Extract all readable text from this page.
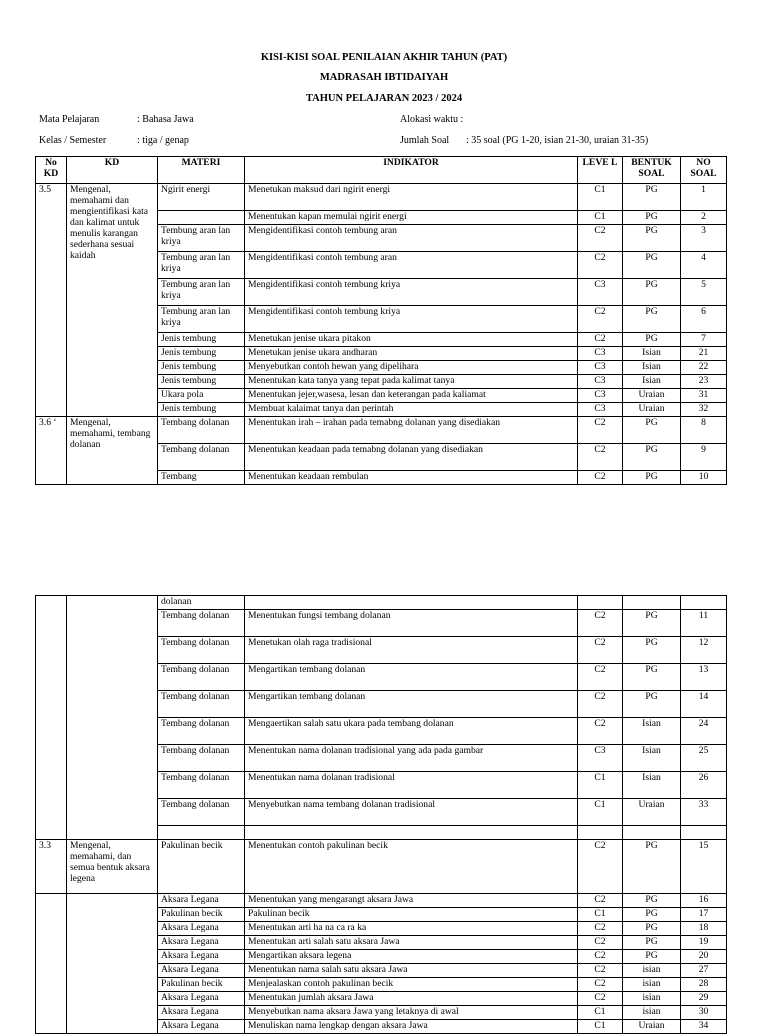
KISI-KISI SOAL PENILAIAN AKHIR TAHUN (PAT)
MADRASAH IBTIDAIYAH
TAHUN PELAJARAN 2023 / 2024
Mata Pelajaran	: Bahasa Jawa	Alokasi waktu :
Kelas / Semester	: tiga / genap	Jumlah Soal : 35 soal (PG 1-20, isian 21-30, uraian 31-35)
No KD	KD	MATERI	INDIKATOR	LEVE L	BENTUK SOAL	NO SOAL
3.5	Mengenal, memahami dan mengientifikasi kata dan kalimat untuk menulis karangan sederhana sesuai kaidah	Ngirit energi	Menetukan maksud dari ngirit energi	C1	PG	1
			Menentukan kapan memulai ngirit energi	C1	PG	2
		Tembung aran lan kriya	Mengidentifikasi contoh tembung aran	C2	PG	3
		Tembung aran lan kriya	Mengidentifikasi contoh tembung aran	C2	PG	4
		Tembung aran lan kriya	Mengidentifikasi contoh tembung kriya	C3	PG	5
		Tembung aran lan kriya	Mengidentifikasi contoh tembung kriya	C2	PG	6
		Jenis tembung	Menetukan jenise ukara pitakon	C2	PG	7
		Jenis tembung	Menetukan jenise ukara andharan	C3	Isian	21
		Jenis tembung	Menyebutkan contoh hewan yang dipelihara	C3	Isian	22
		Jenis tembung	Menentukan kata tanya yang tepat pada kalimat tanya	C3	Isian	23
		Ukara pola	Menentukan jejer,wasesa, lesan dan keterangan pada kaliamat	C3	Uraian	31
		Jenis tembung	Membuat kalaimat tanya dan perintah	C3	Uraian	32
3.6 ‘	Mengenal, memahami, tembang dolanan	Tembang dolanan	Menentukan irah – irahan pada temabng dolanan yang disediakan	C2	PG	8
		Tembang dolanan	Menentukan keadaan pada temabng dolanan yang disediakan	C2	PG	9
		Tembang	Menentukan keadaan rembulan	C2	PG	10
		dolanan				
		Tembang dolanan	Menentukan fungsi tembang dolanan	C2	PG	11
		Tembang dolanan	Menetukan olah raga tradisional	C2	PG	12
		Tembang dolanan	Mengartikan tembang dolanan	C2	PG	13
		Tembang dolanan	Mengartikan tembang dolanan	C2	PG	14
		Tembang dolanan	Mengaertikan salah satu ukara pada tembang dolanan	C2	Isian	24
		Tembang dolanan	Menentukan nama dolanan tradisional yang ada pada gambar	C3	Isian	25
		Tembang dolanan	Menentukan nama dolanan tradisional	C1	Isian	26
		Tembang dolanan	Menyebutkan nama tembang dolanan tradisional	C1	Uraian	33

3.3	Mengenal, memahami, dan semua bentuk aksara legena	Pakulinan becik	Menentukan contoh pakulinan becik	C2	PG	15
		Aksara Legana	Menentukan yang mengarangt aksara Jawa	C2	PG	16
		Pakulinan becik	Pakulinan becik	C1	PG	17
		Aksara Legana	Menentukan arti ha na ca ra ka	C2	PG	18
		Aksara Legana	Menentukan arti salah satu aksara Jawa	C2	PG	19
		Aksara Legana	Mengartikan aksara legena	C2	PG	20
		Aksara Legana	Menentukan nama salah satu aksara Jawa	C2	isian	27
		Pakulinan becik	Menjealaskan contoh pakulinan becik	C2	isian	28
		Aksara Legana	Menentukan jumlah aksara Jawa	C2	isian	29
		Aksara Legana	Menyebutkan nama aksara Jawa yang letaknya di awal	C1	isian	30
		Aksara Legana	Menuliskan nama lengkap dengan aksara Jawa	C1	Uraian	34
